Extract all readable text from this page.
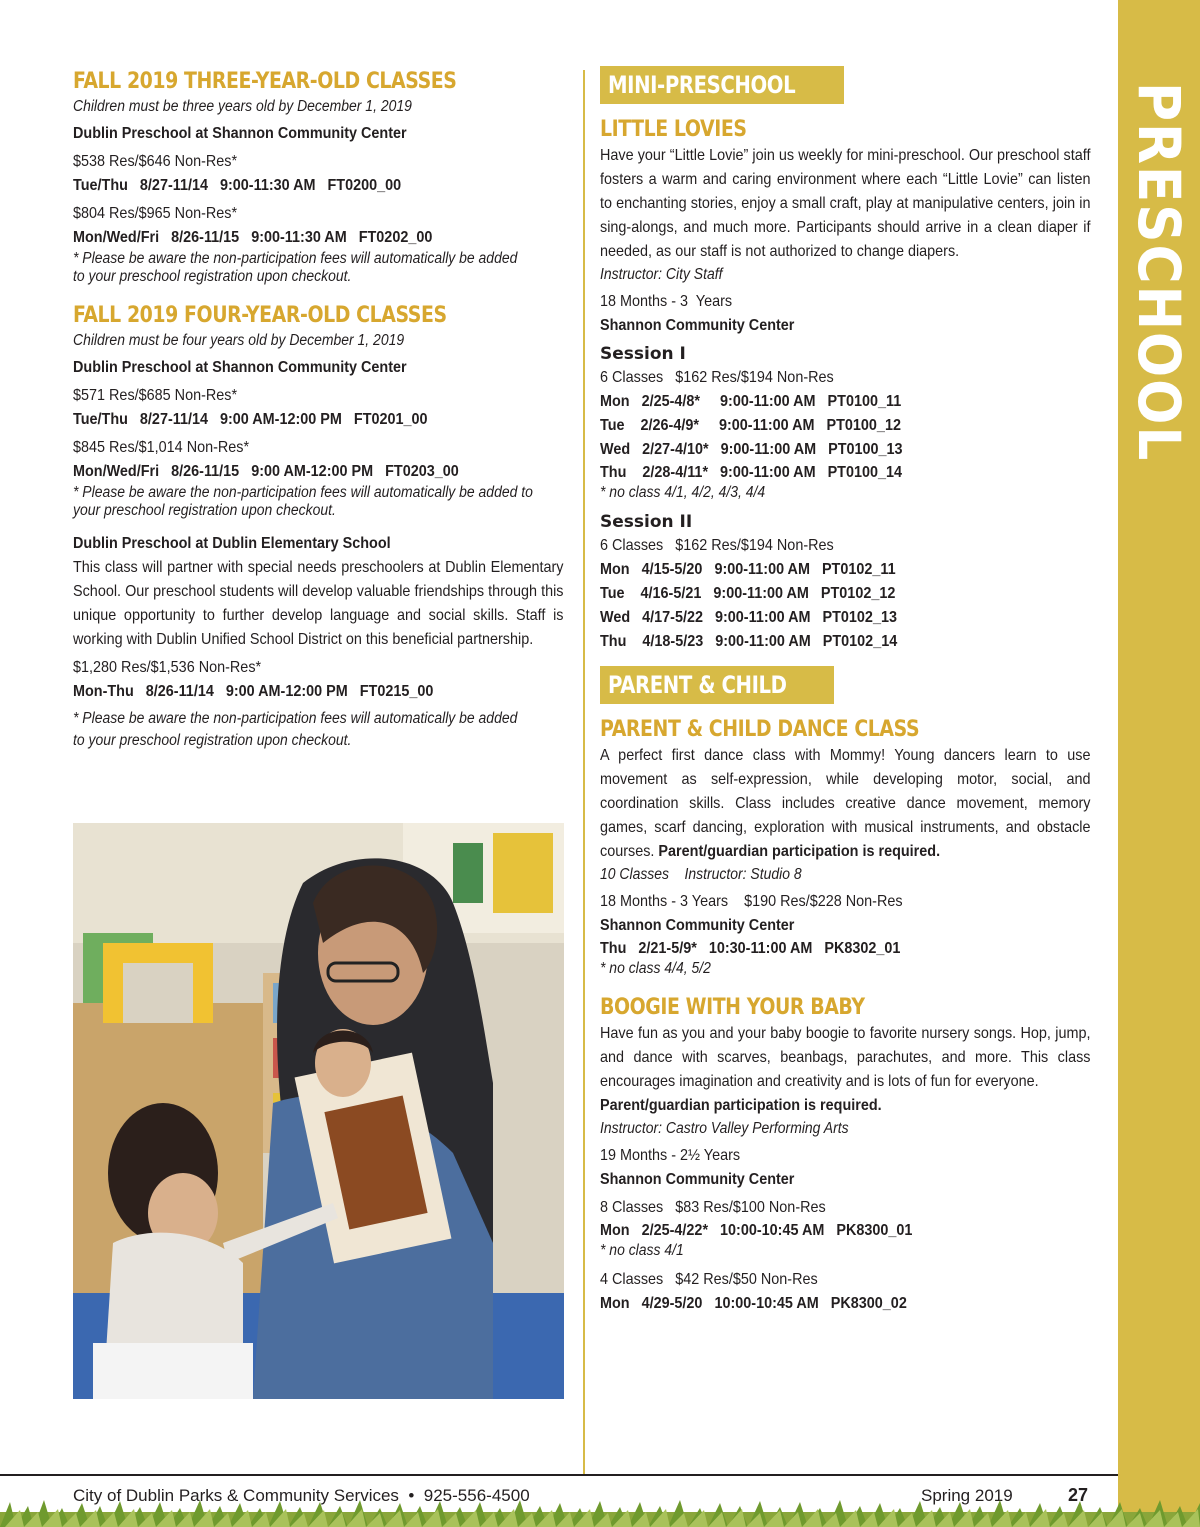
PRESCHOOL
FALL 2019 THREE-YEAR-OLD CLASSES
Children must be three years old by December 1, 2019
Dublin Preschool at Shannon Community Center
$538 Res/$646 Non-Res*
Tue/Thu   8/27-11/14   9:00-11:30 AM   FT0200_00
$804 Res/$965 Non-Res*
Mon/Wed/Fri   8/26-11/15   9:00-11:30 AM   FT0202_00
* Please be aware the non-participation fees will automatically be added
to your preschool registration upon checkout.
FALL 2019 FOUR-YEAR-OLD CLASSES
Children must be four years old by December 1, 2019
Dublin Preschool at Shannon Community Center
$571 Res/$685 Non-Res*
Tue/Thu   8/27-11/14   9:00 AM-12:00 PM   FT0201_00
$845 Res/$1,014 Non-Res*
Mon/Wed/Fri   8/26-11/15   9:00 AM-12:00 PM   FT0203_00
* Please be aware the non-participation fees will automatically be added to
your preschool registration upon checkout.
Dublin Preschool at Dublin Elementary School
This class will partner with special needs preschoolers at Dublin Elementary School. Our preschool students will develop valuable friendships through this unique opportunity to further develop language and social skills. Staff is working with Dublin Unified School District on this beneficial partnership.
$1,280 Res/$1,536 Non-Res*
Mon-Thu   8/26-11/14   9:00 AM-12:00 PM   FT0215_00
* Please be aware the non-participation fees will automatically be added
to your preschool registration upon checkout.
MINI-PRESCHOOL
LITTLE LOVIES
Have your “Little Lovie” join us weekly for mini-preschool. Our preschool staff fosters a warm and caring environment where each “Little Lovie” can listen to enchanting stories, enjoy a small craft, play at manipulative centers, join in sing-alongs, and much more. Participants should arrive in a clean diaper if needed, as our staff is not authorized to change diapers.
Instructor: City Staff
18 Months - 3  Years
Shannon Community Center
Session I
6 Classes   $162 Res/$194 Non-Res
Mon   2/25-4/8*     9:00-11:00 AM   PT0100_11
Tue    2/26-4/9*     9:00-11:00 AM   PT0100_12
Wed   2/27-4/10*   9:00-11:00 AM   PT0100_13
Thu    2/28-4/11*   9:00-11:00 AM   PT0100_14
* no class 4/1, 4/2, 4/3, 4/4
Session II
6 Classes   $162 Res/$194 Non-Res
Mon   4/15-5/20   9:00-11:00 AM   PT0102_11
Tue    4/16-5/21   9:00-11:00 AM   PT0102_12
Wed   4/17-5/22   9:00-11:00 AM   PT0102_13
Thu    4/18-5/23   9:00-11:00 AM   PT0102_14
PARENT & CHILD
PARENT & CHILD DANCE CLASS
A perfect first dance class with Mommy! Young dancers learn to use movement as self-expression, while developing motor, social, and coordination skills. Class includes creative dance movement, memory games, scarf dancing, exploration with musical instruments, and obstacle courses. Parent/guardian participation is required.
10 Classes    Instructor: Studio 8
18 Months - 3 Years    $190 Res/$228 Non-Res
Shannon Community Center
Thu   2/21-5/9*   10:30-11:00 AM   PK8302_01
* no class 4/4, 5/2
BOOGIE WITH YOUR BABY
Have fun as you and your baby boogie to favorite nursery songs. Hop, jump, and dance with scarves, beanbags, parachutes, and more. This class encourages imagination and creativity and is lots of fun for everyone.
Parent/guardian participation is required.
Instructor: Castro Valley Performing Arts
19 Months - 2½ Years
Shannon Community Center
8 Classes   $83 Res/$100 Non-Res
Mon   2/25-4/22*   10:00-10:45 AM   PK8300_01
* no class 4/1
4 Classes   $42 Res/$50 Non-Res
Mon   4/29-5/20   10:00-10:45 AM   PK8300_02
City of Dublin Parks & Community Services  •  925-556-4500	Spring 2019	27
